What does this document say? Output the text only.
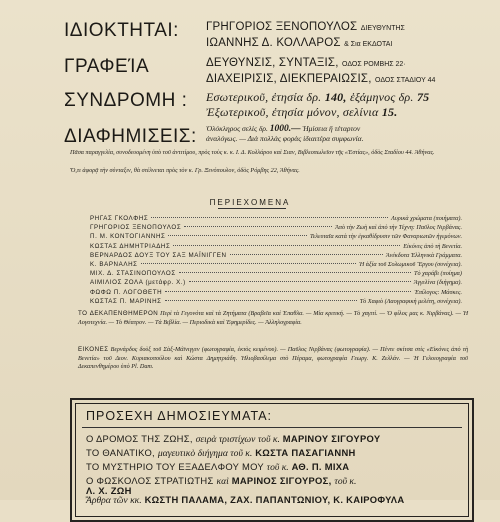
ΙΔΙΟΚΤΗΤΑΙ: ΓΡΗΓΟΡΙΟΣ ΞΕΝΟΠΟΥΛΟΣ ΔΙΕΥΘΥΝΤΗΣ
ΙΩΑΝΝΗΣ Δ. ΚΟΛΛΑΡΟΣ & Σια ΕΚΔΟΤΑΙ
ΓΡΑΦΕΊΑ	ΔΕΥΘΥΝΣΙΣ, ΣΥΝΤΑΞΙΣ, ΟΔΟΣ ΡΟΜΒΗΣ 22·
ΔΙΑΧΕΙΡΙΣΙΣ, ΔΙΕΚΠΕΡΑΙΩΣΙΣ, ΟΔΟΣ ΣΤΑΔΙΟΥ 44
ΣΥΝΔΡΟΜΗ : Εσωτερικοῦ, ἐτησία δρ. 140, ἑξάμηνος δρ. 75
Ἐξωτερικοῦ, ἐτησία μόνον, σελίνια 15.
ΔΙΑΦΗΜΙΣΕΙΣ: Ὁλόκληρος σελὶς δρ. 1000.— Ἡμίσεια ἢ τέταρτον
ἀναλόγως. — Διὰ πολλὰς φορὰς ἰδιαιτέρα συμφωνία.
Πᾶσα παραγγελία, συνοδευομένη ὑπὸ τοῦ ἀντιτίμου, πρὸς τοὺς κ. κ. Ι. Δ. Κολλάρου καὶ Σιαν, Βιβλιοπωλεῖον τῆς «Ἑστίας», ὁδὸς Σταδίου 44. Ἀθήνας.
Ὅ,τι ἀφορᾷ τὴν σύνταξιν, θὰ στέλνεται πρὸς τὸν κ. Γρ. Ξενόπουλον, ὁδὸς Ρόμβης 22, Ἀθήνας.
ΠΕΡΙΕΧΟΜΕΝΑ
ΡΗΓΑΣ ΓΚΟΛΦΗΣ	Λυρικὰ χρώματα (ποιήματα).
ΓΡΗΓΟΡΙΟΣ ΞΕΝΟΠΟΥΛΟΣ	Ἀπὸ τὴν Ζωὴ καὶ ἀπὸ τὴν Τέχνη: Παῦλος Νιρβάνας.
Π. Μ. ΚΟΝΤΟΓΙΑΝΝΗΣ	Τελευταῖα κατὰ τὴν ἐγκαθίδρυσιν τῶν Φαναριωτῶν ἡγεμόνων.
ΚΩΣΤΑΣ ΔΗΜΗΤΡΙΑΔΗΣ	Εἰκόνες ἀπὸ τὴ Βενετία.
ΒΕΡΝΑΡΔΟΣ ΔΟΥΞ ΤΟΥ ΣΑΞ ΜΑΪΝΙΓΓΕΝ	Ἀνέκδοτα Ἑλληνικὰ Γράμματα.
Κ. ΒΑΡΝΑΛΗΣ	Ἡ ἀξία τοῦ Σολωμικοῦ Ἔργου (συνέχεια).
ΜΙΧ. Δ. ΣΤΑΣΙΝΟΠΟΥΛΟΣ	Τὸ χαράβι (ποίημα)
ΑΙΜΙΛΙΟΣ ΖΟΛΑ (μετάφρ. Χ.)	Ἀγγελίνα (διήγημα).
ΦΩΦΩ Π. ΛΟΓΟΘΕΤΗ	Ἐπίλογος: Μάσκες.
ΚΩΣΤΑΣ Π. ΜΑΡΙΝΗΣ	Τὸ Χαφιὸ (Λαογραφικὴ μελέτη, συνέχεια).
ΤΟ ΔΕΚΑΠΕΝΘΗΜΕΡΟΝ Περὶ τὰ Γεγονότα καὶ τὰ Ζητήματα (Βραβεῖα καὶ Ἐπαθλα. — Μία κριτική. — Τὸ χαγιτί. — Ὁ φίλος μας κ. Νιρβάνας). — Ἡ Λογοτεχνία. — Τὸ Θέατρον. — Τὰ Βιβλία. — Περιοδικὰ καὶ Ἐφημερίδες. — Ἀλληλογραφία.
ΕΙΚΟΝΕΣ Βερνάρδος δοὺξ τοῦ Σὰξ-Μάϊνιγγεν (φωτογραφία, ἐκτὸς κειμένου). — Παῦλος Νιρβάνας (φωτογραφία). — Πέντε σκίτσα στὶς «Εἰκόνες ἀπὸ τὴ Βενετία» τοῦ Διον. Κυριακοπούλου καὶ Κώστα Δημητριάδη. Ἡλιοβασίλεμα στὸ Πέραμα, φωτογραφία Γεωργ. Κ. Ζελλάν. — Ἡ Γελοιογραφία τοῦ Δεκαπενθημέρου ὑπὸ Pl. Dam.
ΠΡΟΣΕΧΗ ΔΗΜΟΣΙΕΥΜΑΤΑ:
Ο ΔΡΟΜΟΣ ΤΗΣ ΖΩΗΣ, σειρὰ τριστίχων τοῦ κ. ΜΑΡΙΝΟΥ ΣΙΓΟΥΡΟΥ
ΤΟ ΘΑΝΑΤΙΚΟ, μαγευτικὸ διήγημα τοῦ κ. ΚΩΣΤΑ ΠΑΣΑΓΙΑΝΝΗ
ΤΟ ΜΥΣΤΗΡΙΟ ΤΟΥ ΕΞΑΔΕΛΦΟΥ ΜΟΥ τοῦ κ. ΑΘ. Π. ΜΙΧΑ
Ο ΦΩΣΚΟΛΟΣ ΣΤΡΑΤΙΩΤΗΣ καὶ ΜΑΡΙΝΟΣ ΣΙΓΟΥΡΟΣ, τοῦ κ.
Λ. Χ. ΖΩΗ
Ἄρθρα τῶν κκ. ΚΩΣΤΗ ΠΑΛΑΜΑ, ΖΑΧ. ΠΑΠΑΝΤΩΝΙΟΥ, Κ. ΚΑΙΡΟΦΥΛΑ
